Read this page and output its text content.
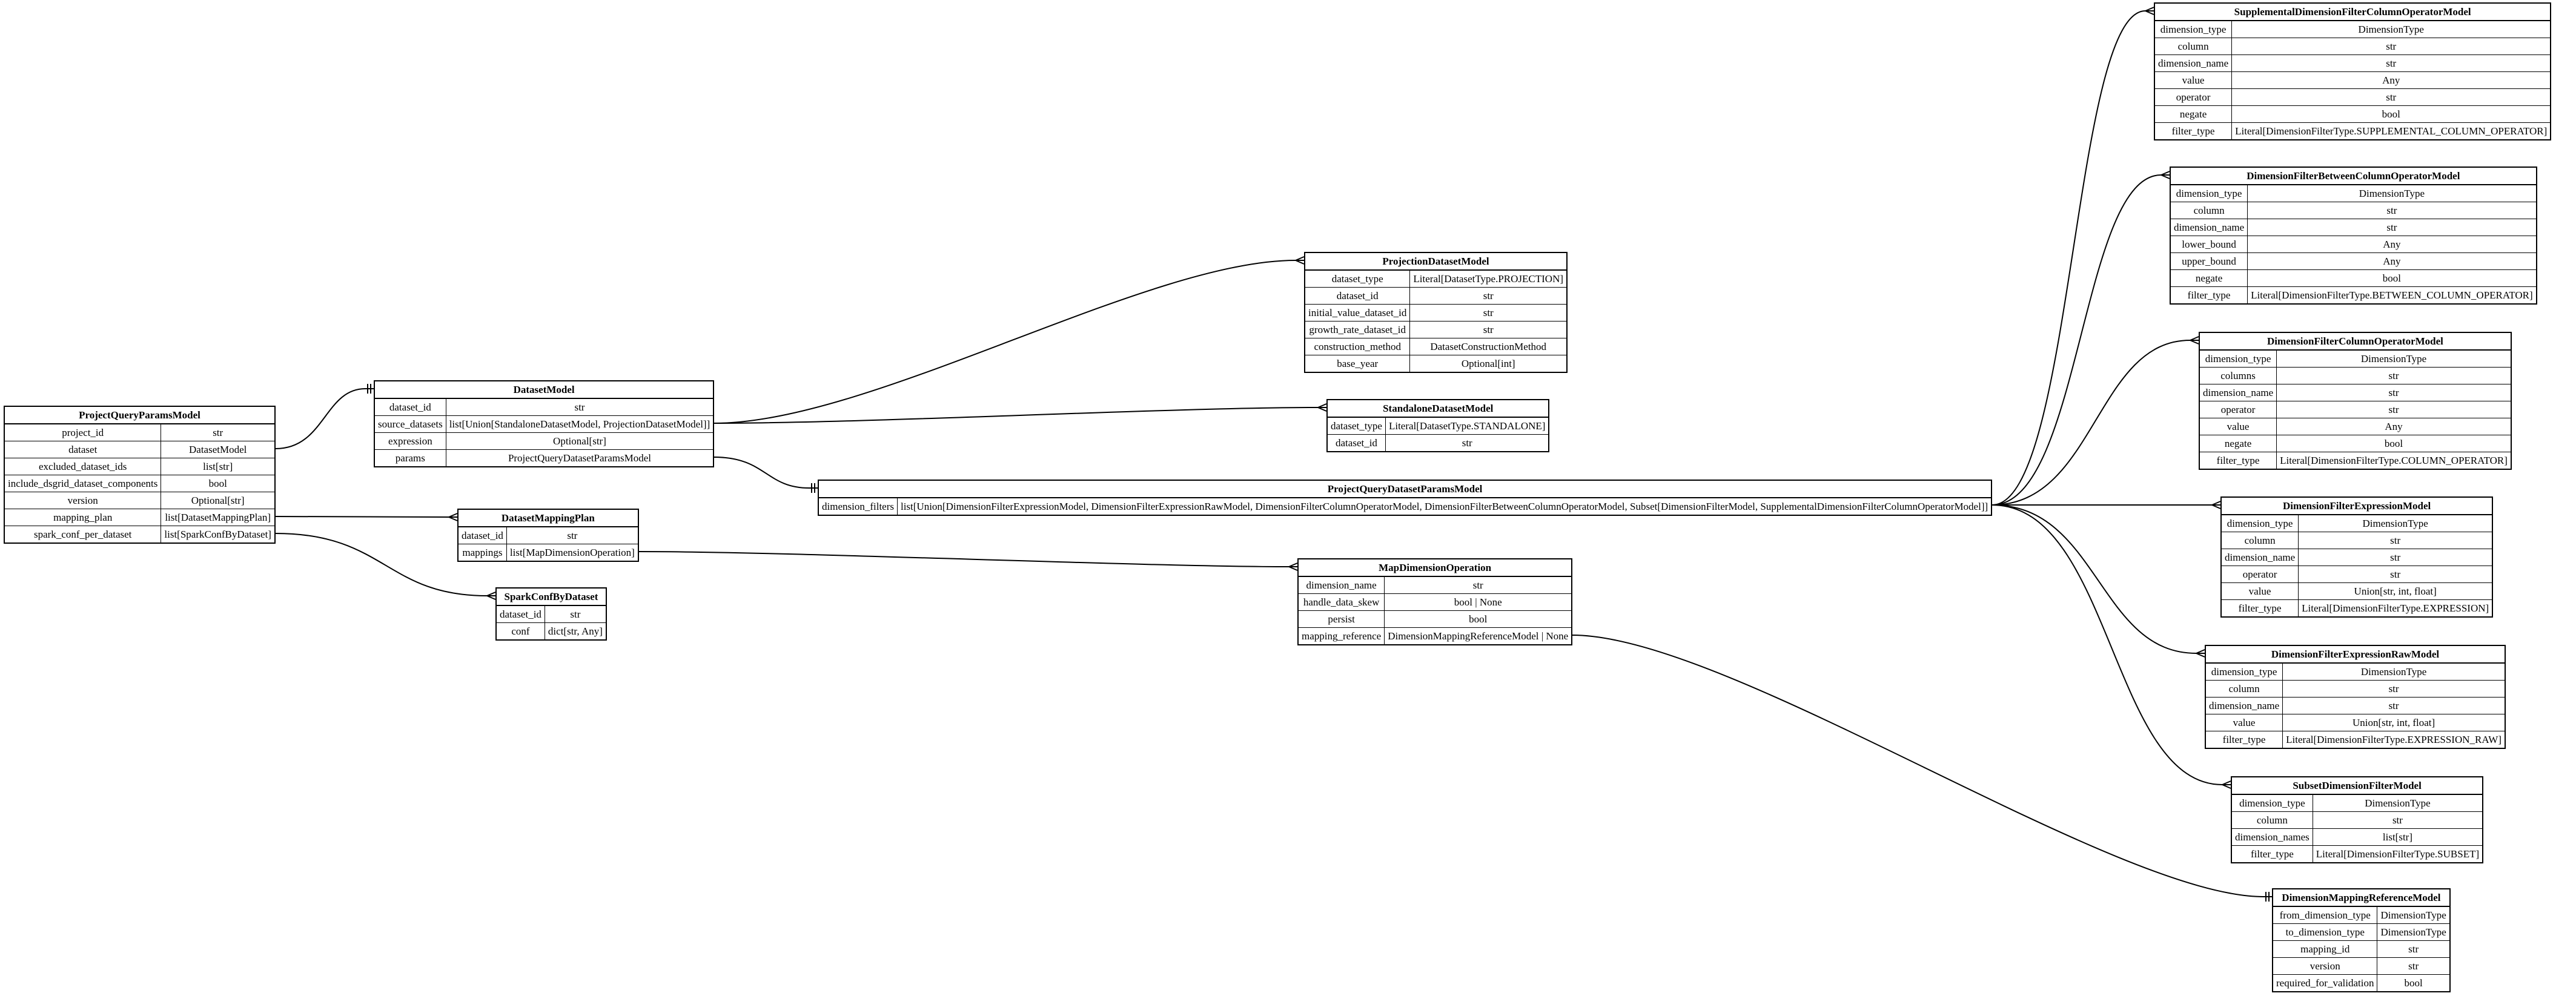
ProjectQueryParamsModel	
project_id	str
dataset	DatasetModel
excluded_dataset_ids	list[str]
include_dsgrid_dataset_components	bool
version	Optional[str]
mapping_plan	list[DatasetMappingPlan]
spark_conf_per_dataset	list[SparkConfByDataset]
DatasetModel	
dataset_id	str
source_datasets	list[Union[StandaloneDatasetModel, ProjectionDatasetModel]]
expression	Optional[str]
params	ProjectQueryDatasetParamsModel
DatasetMappingPlan	
dataset_id	str
mappings	list[MapDimensionOperation]
SparkConfByDataset	
dataset_id	str
conf	dict[str, Any]
ProjectionDatasetModel	
dataset_type	Literal[DatasetType.PROJECTION]
dataset_id	str
initial_value_dataset_id	str
growth_rate_dataset_id	str
construction_method	DatasetConstructionMethod
base_year	Optional[int]
StandaloneDatasetModel	
dataset_type	Literal[DatasetType.STANDALONE]
dataset_id	str
ProjectQueryDatasetParamsModel
dimension_filters	list[Union[DimensionFilterExpressionModel, DimensionFilterExpressionRawModel, DimensionFilterColumnOperatorModel, DimensionFilterBetweenColumnOperatorModel, Subset[DimensionFilterModel, SupplementalDimensionFilterColumnOperatorModel]]
MapDimensionOperation	
dimension_name	str
handle_data_skew	bool | None
persist	bool
mapping_reference	DimensionMappingReferenceModel | None
SupplementalDimensionFilterColumnOperatorModel	
dimension_type	DimensionType
column	str
dimension_name	str
value	Any
operator	str
negate	bool
filter_type	Literal[DimensionFilterType.SUPPLEMENTAL_COLUMN_OPERATOR]
DimensionFilterBetweenColumnOperatorModel	
dimension_type	DimensionType
column	str
dimension_name	str
lower_bound	Any
upper_bound	Any
negate	bool
filter_type	Literal[DimensionFilterType.BETWEEN_COLUMN_OPERATOR]
DimensionFilterColumnOperatorModel	
dimension_type	DimensionType
columns	str
dimension_name	str
operator	str
value	Any
negate	bool
filter_type	Literal[DimensionFilterType.COLUMN_OPERATOR]
DimensionFilterExpressionModel	
dimension_type	DimensionType
column	str
dimension_name	str
operator	str
value	Union[str, int, float]
filter_type	Literal[DimensionFilterType.EXPRESSION]
DimensionFilterExpressionRawModel	
dimension_type	DimensionType
column	str
dimension_name	str
value	Union[str, int, float]
filter_type	Literal[DimensionFilterType.EXPRESSION_RAW]
SubsetDimensionFilterModel	
dimension_type	DimensionType
column	str
dimension_names	list[str]
filter_type	Literal[DimensionFilterType.SUBSET]
DimensionMappingReferenceModel	
from_dimension_type	DimensionType
to_dimension_type	DimensionType
mapping_id	str
version	str
required_for_validation	bool
